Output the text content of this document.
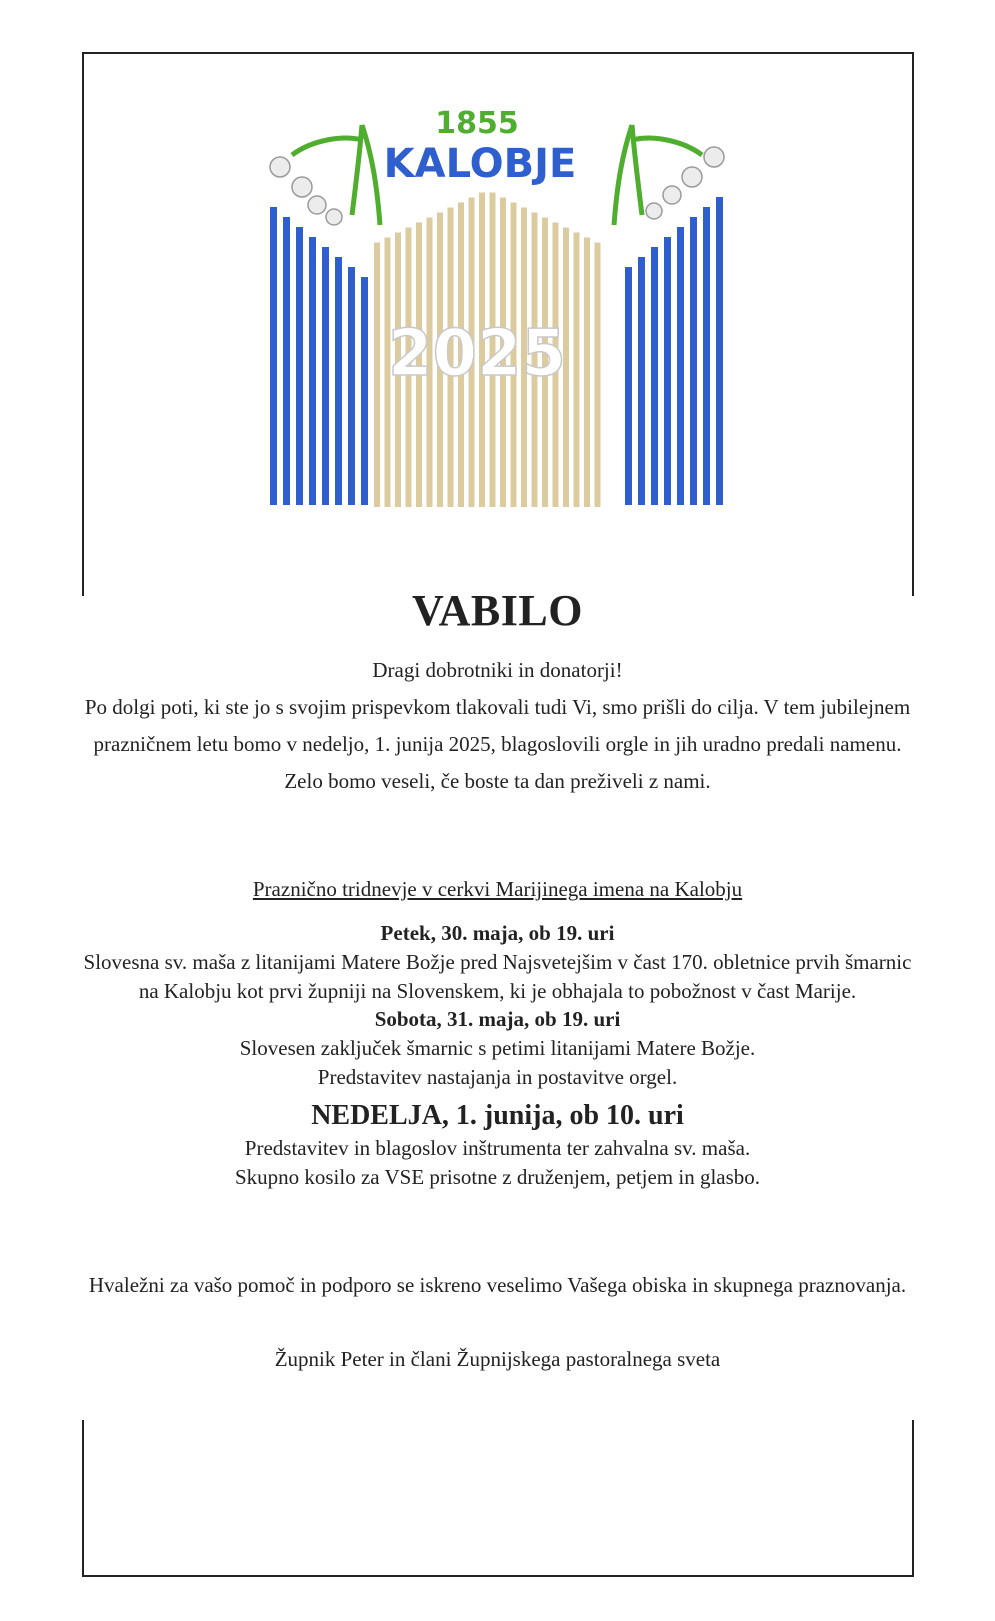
1855
KALOBJE
2025
VABILO
Dragi dobrotniki in donatorji!
Po dolgi poti, ki ste jo s svojim prispevkom tlakovali tudi Vi, smo prišli do cilja. V tem jubilejnem
prazničnem letu bomo v nedeljo, 1. junija 2025, blagoslovili orgle in jih uradno predali namenu.
Zelo bomo veseli, če boste ta dan preživeli z nami.
Praznično tridnevje v cerkvi Marijinega imena na Kalobju
Petek, 30. maja, ob 19. uri
Slovesna sv. maša z litanijami Matere Božje pred Najsvetejšim v čast 170. obletnice prvih šmarnic
na Kalobju kot prvi župniji na Slovenskem, ki je obhajala to pobožnost v čast Marije.
Sobota, 31. maja, ob 19. uri
Slovesen zaključek šmarnic s petimi litanijami Matere Božje.
Predstavitev nastajanja in postavitve orgel.
NEDELJA, 1. junija, ob 10. uri
Predstavitev in blagoslov inštrumenta ter zahvalna sv. maša.
Skupno kosilo za VSE prisotne z druženjem, petjem in glasbo.
Hvaležni za vašo pomoč in podporo se iskreno veselimo Vašega obiska in skupnega praznovanja.
Župnik Peter in člani Župnijskega pastoralnega sveta
